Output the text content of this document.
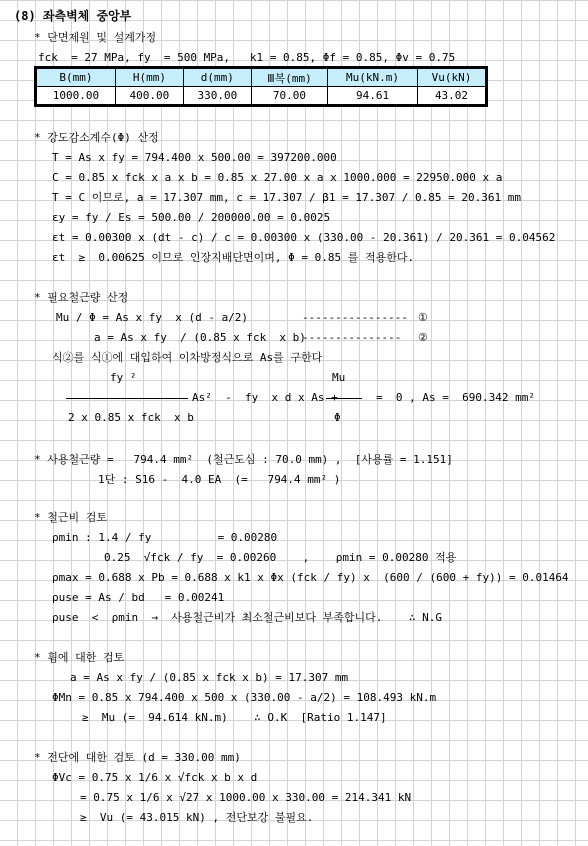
(8) 좌측벽체 중앙부
* 단면제원 및 설계가정
fck  = 27 MPa, fy  = 500 MPa,   k1 = 0.85, Φf = 0.85, Φv = 0.75
B(mm)	H(mm)	d(mm)	Ⅲ복(mm)	Mu(kN.m)	Vu(kN)
1000.00	400.00	330.00	70.00	94.61	43.02
* 강도감소계수(Φ) 산정
T = As x fy = 794.400 x 500.00 = 397200.000
C = 0.85 x fck x a x b = 0.85 x 27.00 x a x 1000.000 = 22950.000 x a
T = C 이므로, a = 17.307 mm, c = 17.307 / β1 = 17.307 / 0.85 = 20.361 mm
εy = fy / Es = 500.00 / 200000.00 = 0.0025
εt = 0.00300 x (dt - c) / c = 0.00300 x (330.00 - 20.361) / 20.361 = 0.04562
εt  ≥  0.00625 이므로 인장지배단면이며, Φ = 0.85 를 적용한다.
* 필요철근량 산정
Mu / Φ = As x fy  x (d - a/2)	---------------- ①
a = As x fy  / (0.85 x fck  x b)
--------------- ②
식②를 식①에 대입하여 이차방정식으로 As를 구한다
fy ²	Mu
As²  -  fy  x d x As +	=  0 , As =  690.342 mm²
2 x 0.85 x fck  x b	Φ
* 사용철근량 =   794.4 mm²  (철근도심 : 70.0 mm) ,  [사용률 = 1.151]
1단 : S16 -  4.0 EA  (=   794.4 mm² )
* 철근비 검토
ρmin : 1.4 / fy          = 0.00280
0.25  √fck / fy  = 0.00260    ,    ρmin = 0.00280 적용
ρmax = 0.688 x Pb = 0.688 x k1 x Φx (fck / fy) x  (600 / (600 + fy)) = 0.01464
ρuse = As / bd   = 0.00241
ρuse  <  ρmin  →  사용철근비가 최소철근비보다 부족합니다.    ∴ N.G
* 휨에 대한 검토
a = As x fy / (0.85 x fck x b) = 17.307 mm
ΦMn = 0.85 x 794.400 x 500 x (330.00 - a/2) = 108.493 kN.m
≥  Mu (=  94.614 kN.m)    ∴ O.K  [Ratio 1.147]
* 전단에 대한 검토 (d = 330.00 mm)
ΦVc = 0.75 x 1/6 x √fck x b x d
= 0.75 x 1/6 x √27 x 1000.00 x 330.00 = 214.341 kN
≥  Vu (= 43.015 kN) , 전단보강 불필요.
